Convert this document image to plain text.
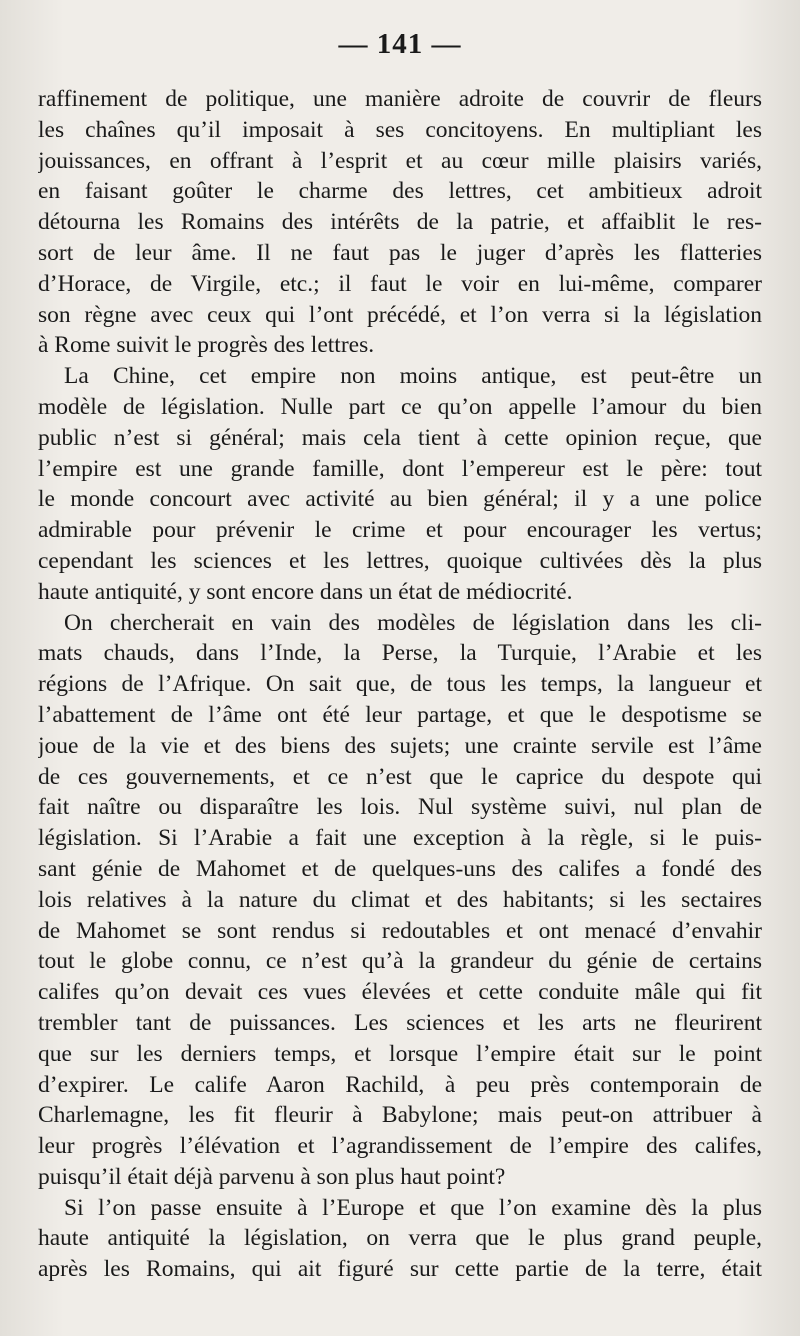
— 141 —
raffinement de politique, une manière adroite de couvrir de fleurs
les chaînes qu’il imposait à ses concitoyens. En multipliant les
jouissances, en offrant à l’esprit et au cœur mille plaisirs variés,
en faisant goûter le charme des lettres, cet ambitieux adroit
détourna les Romains des intérêts de la patrie, et affaiblit le res-
sort de leur âme. Il ne faut pas le juger d’après les flatteries
d’Horace, de Virgile, etc.; il faut le voir en lui-même, comparer
son règne avec ceux qui l’ont précédé, et l’on verra si la législation
à Rome suivit le progrès des lettres.
La Chine, cet empire non moins antique, est peut-être un
modèle de législation. Nulle part ce qu’on appelle l’amour du bien
public n’est si général; mais cela tient à cette opinion reçue, que
l’empire est une grande famille, dont l’empereur est le père: tout
le monde concourt avec activité au bien général; il y a une police
admirable pour prévenir le crime et pour encourager les vertus;
cependant les sciences et les lettres, quoique cultivées dès la plus
haute antiquité, y sont encore dans un état de médiocrité.
On chercherait en vain des modèles de législation dans les cli-
mats chauds, dans l’Inde, la Perse, la Turquie, l’Arabie et les
régions de l’Afrique. On sait que, de tous les temps, la langueur et
l’abattement de l’âme ont été leur partage, et que le despotisme se
joue de la vie et des biens des sujets; une crainte servile est l’âme
de ces gouvernements, et ce n’est que le caprice du despote qui
fait naître ou disparaître les lois. Nul système suivi, nul plan de
législation. Si l’Arabie a fait une exception à la règle, si le puis-
sant génie de Mahomet et de quelques-uns des califes a fondé des
lois relatives à la nature du climat et des habitants; si les sectaires
de Mahomet se sont rendus si redoutables et ont menacé d’envahir
tout le globe connu, ce n’est qu’à la grandeur du génie de certains
califes qu’on devait ces vues élevées et cette conduite mâle qui fit
trembler tant de puissances. Les sciences et les arts ne fleurirent
que sur les derniers temps, et lorsque l’empire était sur le point
d’expirer. Le calife Aaron Rachild, à peu près contemporain de
Charlemagne, les fit fleurir à Babylone; mais peut-on attribuer à
leur progrès l’élévation et l’agrandissement de l’empire des califes,
puisqu’il était déjà parvenu à son plus haut point?
Si l’on passe ensuite à l’Europe et que l’on examine dès la plus
haute antiquité la législation, on verra que le plus grand peuple,
après les Romains, qui ait figuré sur cette partie de la terre, était
